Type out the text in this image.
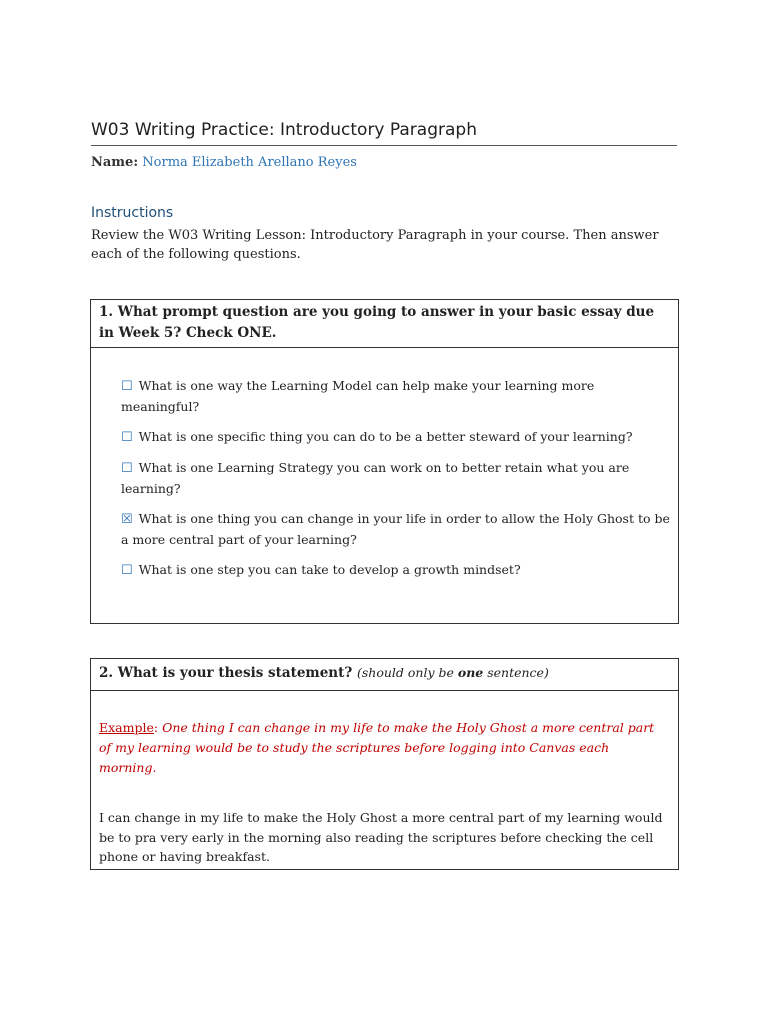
W03 Writing Practice: Introductory Paragraph
Name: Norma Elizabeth Arellano Reyes
Instructions
Review the W03 Writing Lesson: Introductory Paragraph in your course. Then answer each of the following questions.
1. What prompt question are you going to answer in your basic essay due in Week 5? Check ONE.
☐ What is one way the Learning Model can help make your learning more meaningful?
☐ What is one specific thing you can do to be a better steward of your learning?
☐ What is one Learning Strategy you can work on to better retain what you are learning?
☒ What is one thing you can change in your life in order to allow the Holy Ghost to be a more central part of your learning?
☐ What is one step you can take to develop a growth mindset?
2. What is your thesis statement? (should only be one sentence)
Example: One thing I can change in my life to make the Holy Ghost a more central part of my learning would be to study the scriptures before logging into Canvas each morning.
I can change in my life to make the Holy Ghost a more central part of my learning would be to pra very early in the morning also reading the scriptures before checking the cell phone or having breakfast.
